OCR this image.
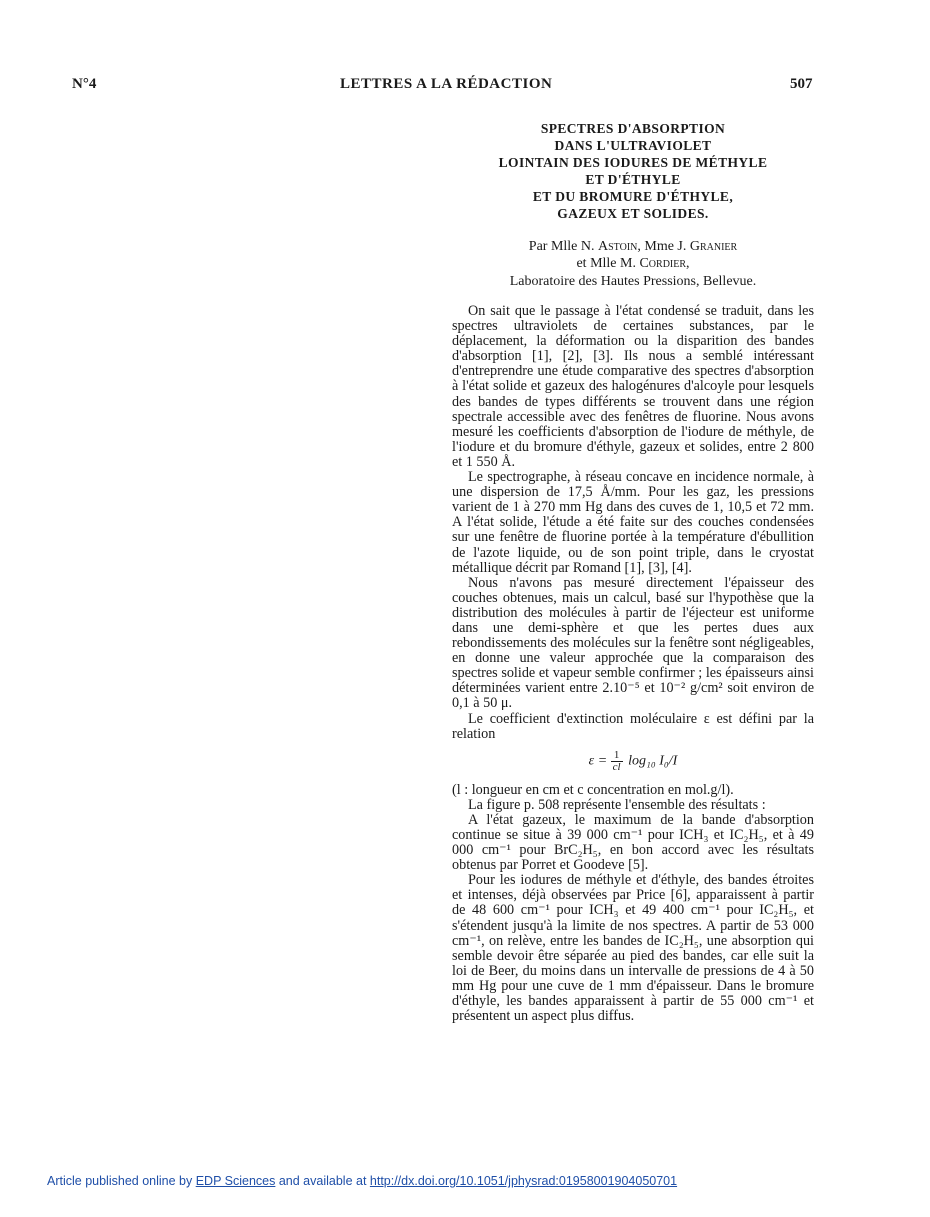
N°4	LETTRES A LA RÉDACTION	507
SPECTRES D'ABSORPTION
DANS L'ULTRAVIOLET
LOINTAIN DES IODURES DE MÉTHYLE
ET D'ÉTHYLE
ET DU BROMURE D'ÉTHYLE,
GAZEUX ET SOLIDES.
Par Mlle N. Astoin, Mme J. Granier
et Mlle M. Cordier,
Laboratoire des Hautes Pressions, Bellevue.

On sait que le passage à l'état condensé se traduit, dans les spectres ultraviolets de certaines substances, par le déplacement, la déformation ou la disparition des bandes d'absorption [1], [2], [3]. Ils nous a semblé intéressant d'entreprendre une étude comparative des spectres d'absorption à l'état solide et gazeux des halogénures d'alcoyle pour lesquels des bandes de types différents se trouvent dans une région spectrale accessible avec des fenêtres de fluorine. Nous avons mesuré les coefficients d'absorption de l'iodure de méthyle, de l'iodure et du bromure d'éthyle, gazeux et solides, entre 2 800 et 1 550 Å.

Le spectrographe, à réseau concave en incidence normale, à une dispersion de 17,5 Å/mm. Pour les gaz, les pressions varient de 1 à 270 mm Hg dans des cuves de 1, 10,5 et 72 mm. A l'état solide, l'étude a été faite sur des couches condensées sur une fenêtre de fluorine portée à la température d'ébullition de l'azote liquide, ou de son point triple, dans le cryostat métallique décrit par Romand [1], [3], [4].

Nous n'avons pas mesuré directement l'épaisseur des couches obtenues, mais un calcul, basé sur l'hypothèse que la distribution des molécules à partir de l'éjecteur est uniforme dans une demi-sphère et que les pertes dues aux rebondissements des molécules sur la fenêtre sont négligeables, en donne une valeur approchée que la comparaison des spectres solide et vapeur semble confirmer ; les épaisseurs ainsi déterminées varient entre 2.10⁻⁵ et 10⁻² g/cm² soit environ de 0,1 à 50 μ.

Le coefficient d'extinction moléculaire ε est défini par la relation

$\varepsilon = \frac{1}{cl} \log_{10}$ I₀/I

(l : longueur en cm et c concentration en mol.g/l).

La figure p. 508 représente l'ensemble des résultats :

A l'état gazeux, le maximum de la bande d'absorption continue se situe à 39 000 cm⁻¹ pour ICH₃ et IC₂H₅, et à 49 000 cm⁻¹ pour BrC₂H₅, en bon accord avec les résultats obtenus par Porret et Goodeve [5].

Pour les iodures de méthyle et d'éthyle, des bandes étroites et intenses, déjà observées par Price [6], apparaissent à partir de 48 600 cm⁻¹ pour ICH₃ et 49 400 cm⁻¹ pour IC₂H₅, et s'étendent jusqu'à la limite de nos spectres. A partir de 53 000 cm⁻¹, on relève, entre les bandes de IC₂H₅, une absorption qui semble devoir être séparée au pied des bandes, car elle suit la loi de Beer, du moins dans un intervalle de pressions de 4 à 50 mm Hg pour une cuve de 1 mm d'épaisseur. Dans le bromure d'éthyle, les bandes apparaissent à partir de 55 000 cm⁻¹ et présentent un aspect plus diffus.

Article published online by EDP Sciences and available at http://dx.doi.org/10.1051/jphysrad:01958001904050701
